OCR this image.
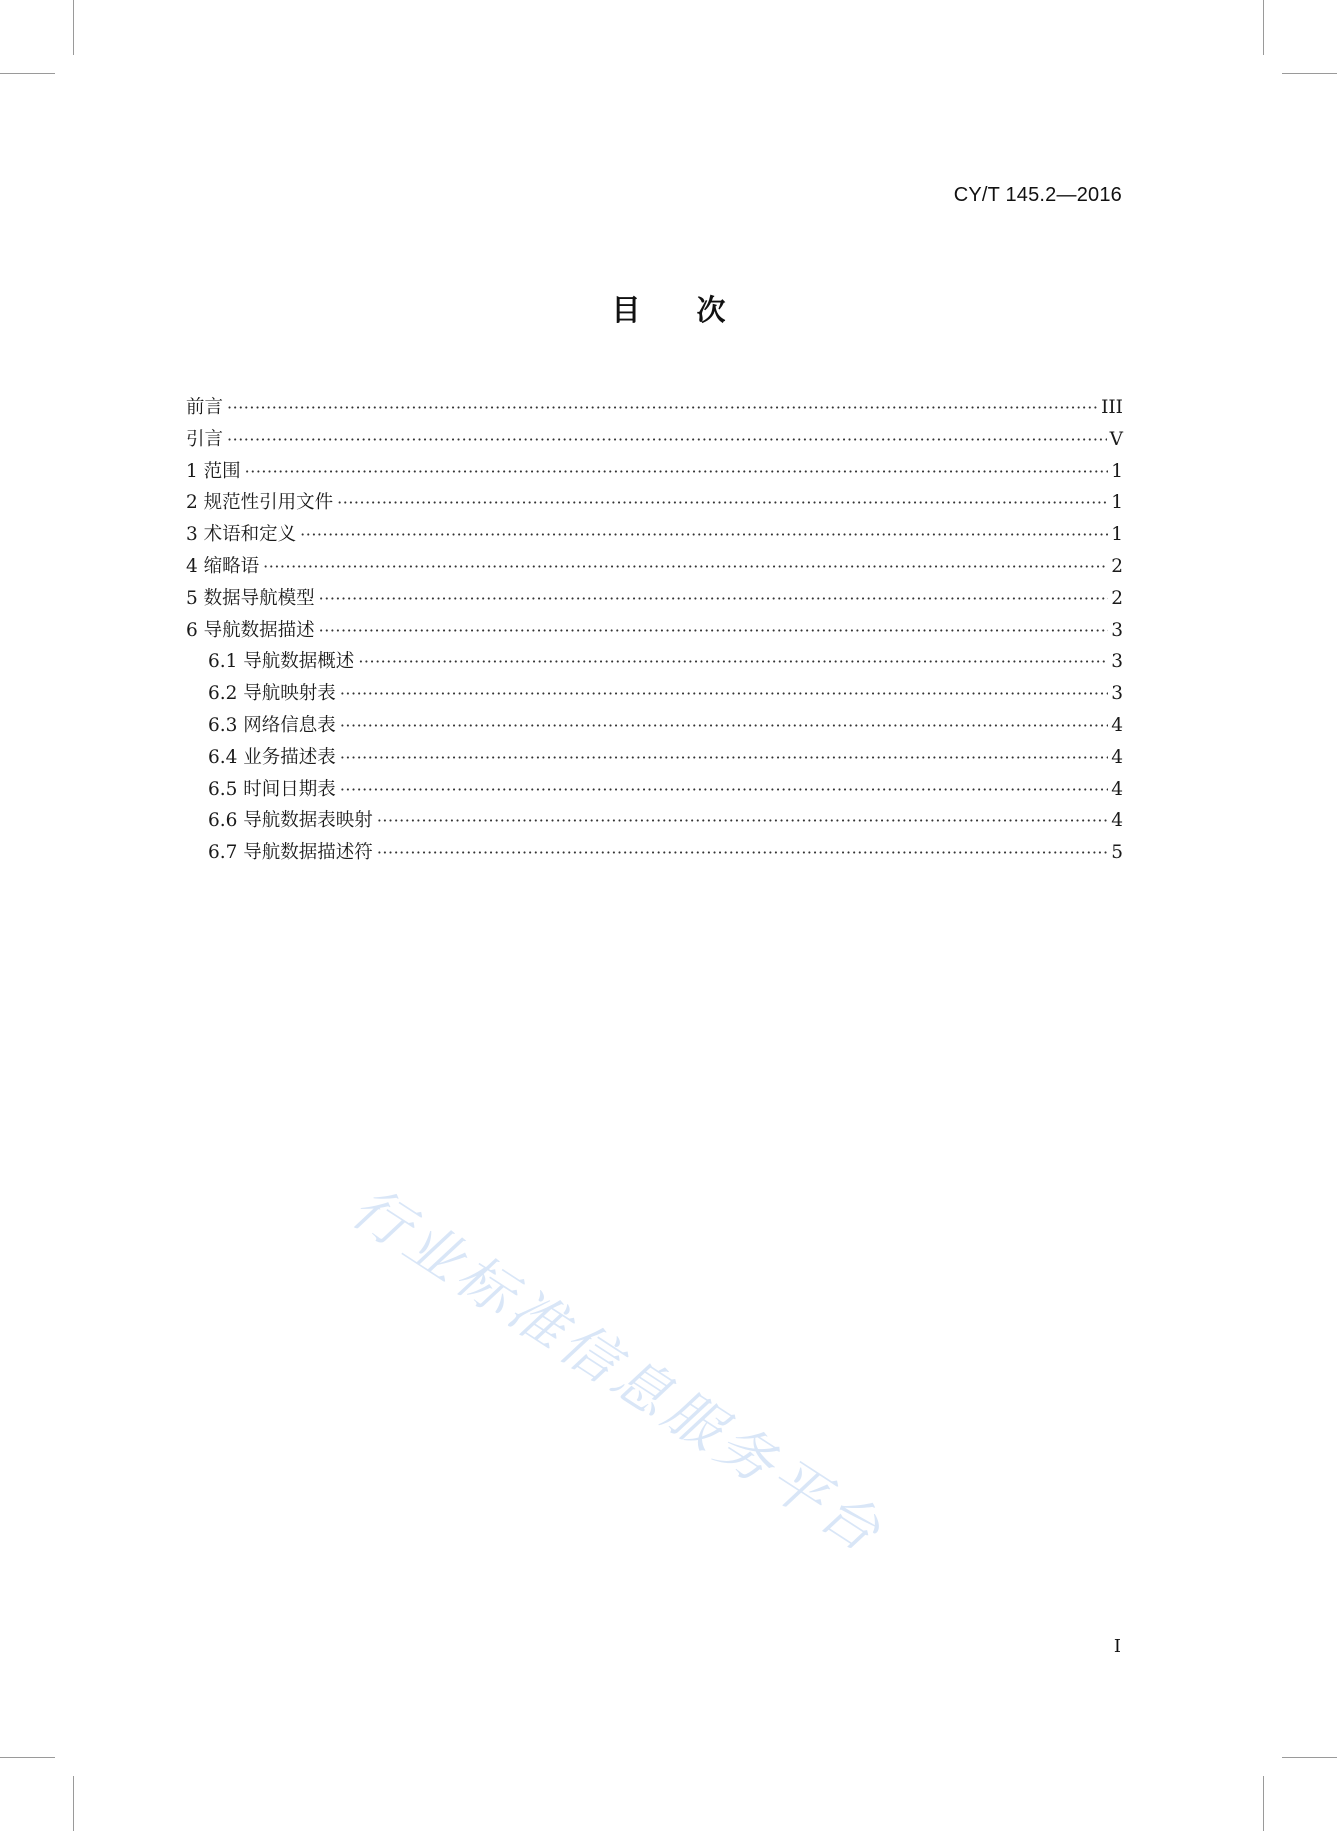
CY/T 145.2—2016
目次
前言 ·····	III
引言 ·····	V
1 范围 ·····	1
2 规范性引用文件 ·····	1
3 术语和定义 ·····	1
4 缩略语 ·····	2
5 数据导航模型 ·····	2
6 导航数据描述 ·····	3
6.1 导航数据概述 ·····	3
6.2 导航映射表 ·····	3
6.3 网络信息表 ·····	4
6.4 业务描述表 ·····	4
6.5 时间日期表 ·····	4
6.6 导航数据表映射 ·····	4
6.7 导航数据描述符 ·····	5
行业标准信息服务平台
I
